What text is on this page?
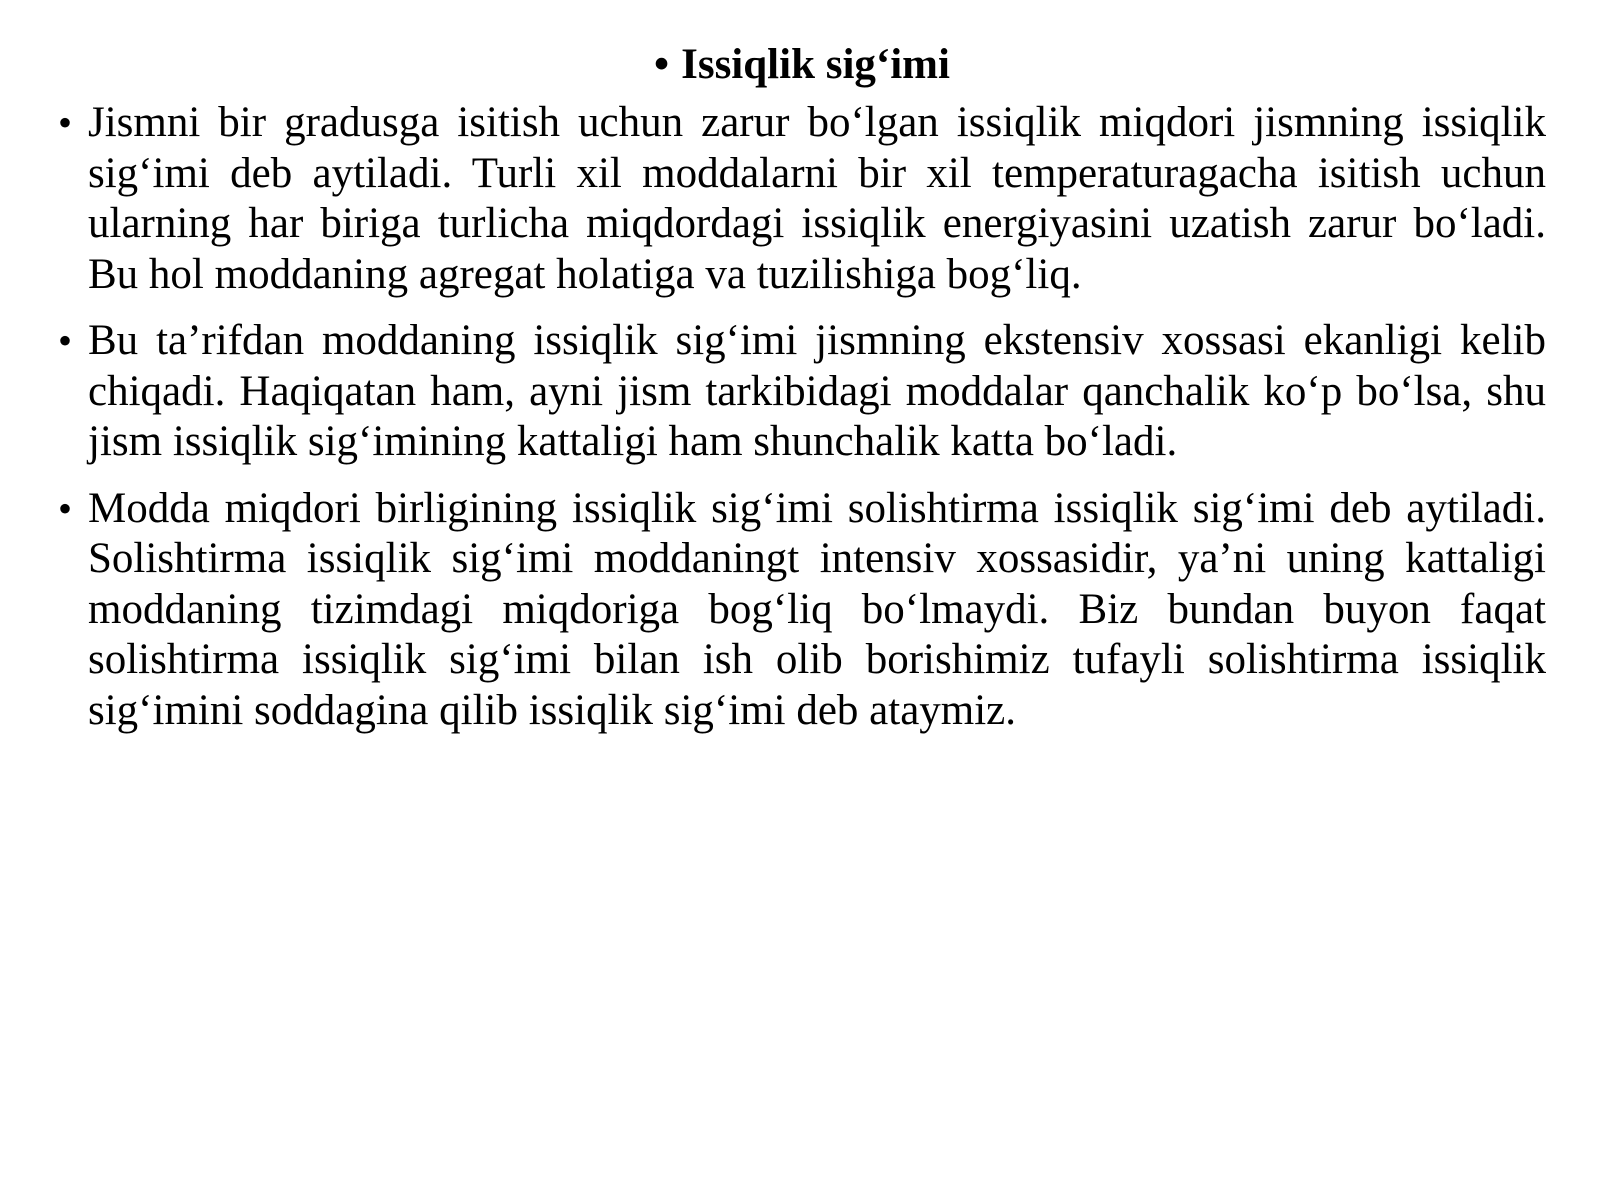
• Issiqlik sig‘imi
• Jismni bir gradusga isitish uchun zarur bo‘lgan issiqlik miqdori jismning issiqlik sig‘imi deb aytiladi. Turli xil moddalarni bir xil temperaturagacha isitish uchun ularning har biriga turlicha miqdordagi issiqlik energiyasini uzatish zarur bo‘ladi. Bu hol moddaning agregat holatiga va tuzilishiga bog‘liq.
• Bu ta’rifdan moddaning issiqlik sig‘imi jismning ekstensiv xossasi ekanligi kelib chiqadi. Haqiqatan ham, ayni jism tarkibidagi moddalar qanchalik ko‘p bo‘lsa, shu jism issiqlik sig‘imining kattaligi ham shunchalik katta bo‘ladi.
• Modda miqdori birligining issiqlik sig‘imi solishtirma issiqlik sig‘imi deb aytiladi. Solishtirma issiqlik sig‘imi moddaningt intensiv xossasidir, ya’ni uning kattaligi moddaning tizimdagi miqdoriga bog‘liq bo‘lmaydi. Biz bundan buyon faqat solishtirma issiqlik sig‘imi bilan ish olib borishimiz tufayli solishtirma issiqlik sig‘imini soddagina qilib issiqlik sig‘imi deb ataymiz.
